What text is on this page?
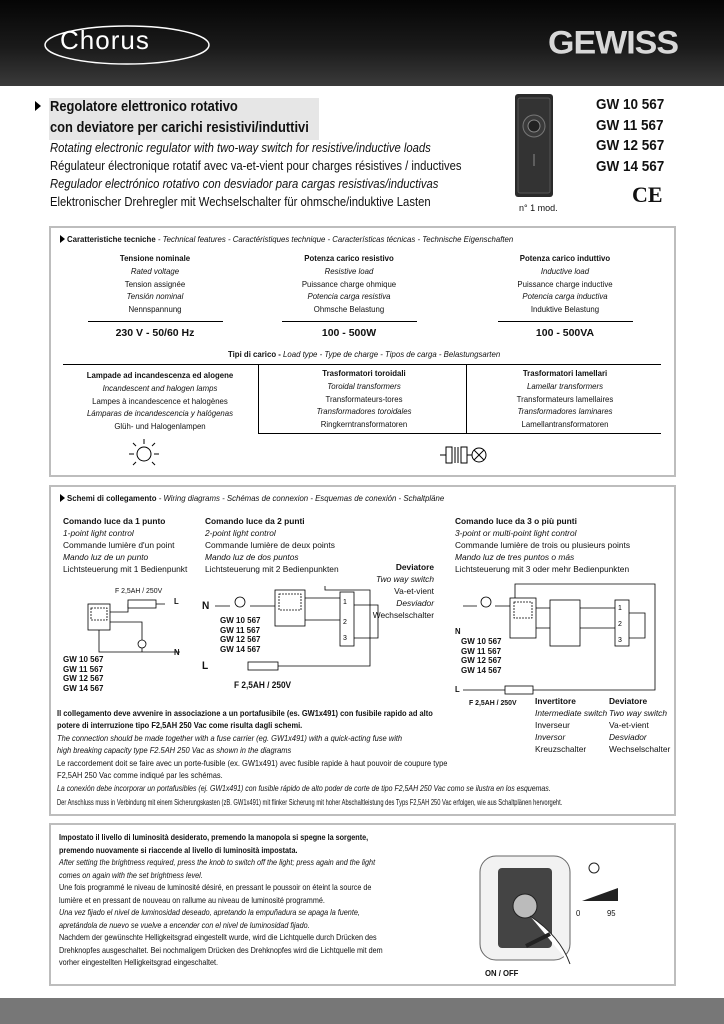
Chorus	GEWISS
Regolatore elettronico rotativo
con deviatore per carichi resistivi/induttivi
Rotating electronic regulator with two-way switch for resistive/inductive loads
Régulateur électronique rotatif avec va-et-vient pour charges résistives / inductives
Regulador electrónico rotativo con desviador para cargas resistivas/inductivas
Elektronischer Drehregler mit Wechselschalter für ohmsche/induktive Lasten	n° 1 mod.
GW 10 567
GW 11 567
GW 12 567
GW 14 567
CE
Caratteristiche tecniche - Technical features - Caractéristiques technique - Características técnicas - Technische Eigenschaften
Tensione nominale
Rated voltage
Tension assignée
Tensión nominal
Nennspannung
Potenza carico resistivo
Resistive load
Puissance charge ohmique
Potencia carga resistiva
Ohmsche Belastung
Potenza carico induttivo
Inductive load
Puissance charge inductive
Potencia carga inductiva
Induktive Belastung
230 V - 50/60 Hz	100 - 500W	100 - 500VA
Tipi di carico - Load type - Type de charge - Tipos de carga - Belastungsarten
Lampade ad incandescenza ed alogene
Incandescent and halogen lamps
Lampes à incandescence et halogènes
Lámparas de incandescencia y halógenas
Glüh- und Halogenlampen
Trasformatori toroidali
Toroidal transformers
Transformateurs-tores
Transformadores toroidales
Ringkerntransformatoren
Trasformatori lamellari
Lamellar transformers
Transformateurs lamellaires
Transformadores laminares
Lamellantransformatoren
Schemi di collegamento - Wiring diagrams - Schémas de connexion - Esquemas de conexión - Schaltpläne
Comando luce da 1 punto
1-point light control
Commande lumière d'un point
Mando luz de un punto
Lichtsteuerung mit 1 Bedienpunkt
Comando luce da 2 punti
2-point light control
Commande lumière de deux points
Mando luz de dos puntos
Lichtsteuerung mit 2 Bedienpunkten
Comando luce da 3 o più punti
3-point or multi-point light control
Commande lumière de trois ou plusieurs points
Mando luz de tres puntos o más
Lichtsteuerung mit 3 oder mehr Bedienpunkten
Deviatore
Two way switch
Va-et-vient
Desviador
Wechselschalter
F 2,5AH / 250V
L
N
GW 10 567
GW 11 567
GW 12 567
GW 14 567
1
2
3
N
L
F 2,5AH / 250V
GW 10 567
GW 11 567
GW 12 567
GW 14 567
1
2
3
N
L
F 2,5AH / 250V
GW 10 567
GW 11 567
GW 12 567
GW 14 567
Invertitore
Intermediate switch
Inverseur
Inversor
Kreuzschalter
Deviatore
Two way switch
Va-et-vient
Desviador
Wechselschalter
Il collegamento deve avvenire in associazione a un portafusibile (es. GW1x491) con fusibile rapido ad alto
potere di interruzione tipo F2,5AH 250 Vac come risulta dagli schemi.
The connection should be made together with a fuse carrier (eg. GW1x491) with a quick-acting fuse with
high breaking capacity type F2.5AH 250 Vac as shown in the diagrams
Le raccordement doit se faire avec un porte-fusible (ex. GW1x491) avec fusible rapide à haut pouvoir de coupure type
F2,5AH 250 Vac comme indiqué par les schémas.
La conexión debe incorporar un portafusibles (ej. GW1x491) con fusible rápido de alto poder de corte de tipo F2,5AH 250 Vac como se ilustra en los esquemas.
Der Anschluss muss in Verbindung mit einem Sicherungskasten (zB. GW1x491) mit flinker Sicherung mit hoher Abschaltleistung des Typs F2,5AH 250 Vac erfolgen, wie aus Schaltplänen hervorgeht.
Impostato il livello di luminosità desiderato, premendo la manopola si spegne la sorgente,
premendo nuovamente si riaccende al livello di luminosità impostata.
After setting the brightness required, press the knob to switch off the light; press again and the light
comes on again with the set brightness level.
Une fois programmé le niveau de luminosité désiré, en pressant le poussoir on éteint la source de
lumière et en pressant de nouveau on rallume au niveau de luminosité programmé.
Una vez fijado el nivel de luminosidad deseado, apretando la empuñadura se apaga la fuente,
apretándola de nuevo se vuelve a encender con el nivel de luminosidad fijado.
Nachdem der gewünschte Helligkeitsgrad eingestellt wurde, wird die Lichtquelle durch Drücken des
Drehknopfes ausgeschaltet. Bei nochmaligem Drücken des Drehknopfes wird die Lichtquelle mit dem
vorher eingestellten Helligkeitsgrad eingeschaltet.
0	95
ON / OFF
